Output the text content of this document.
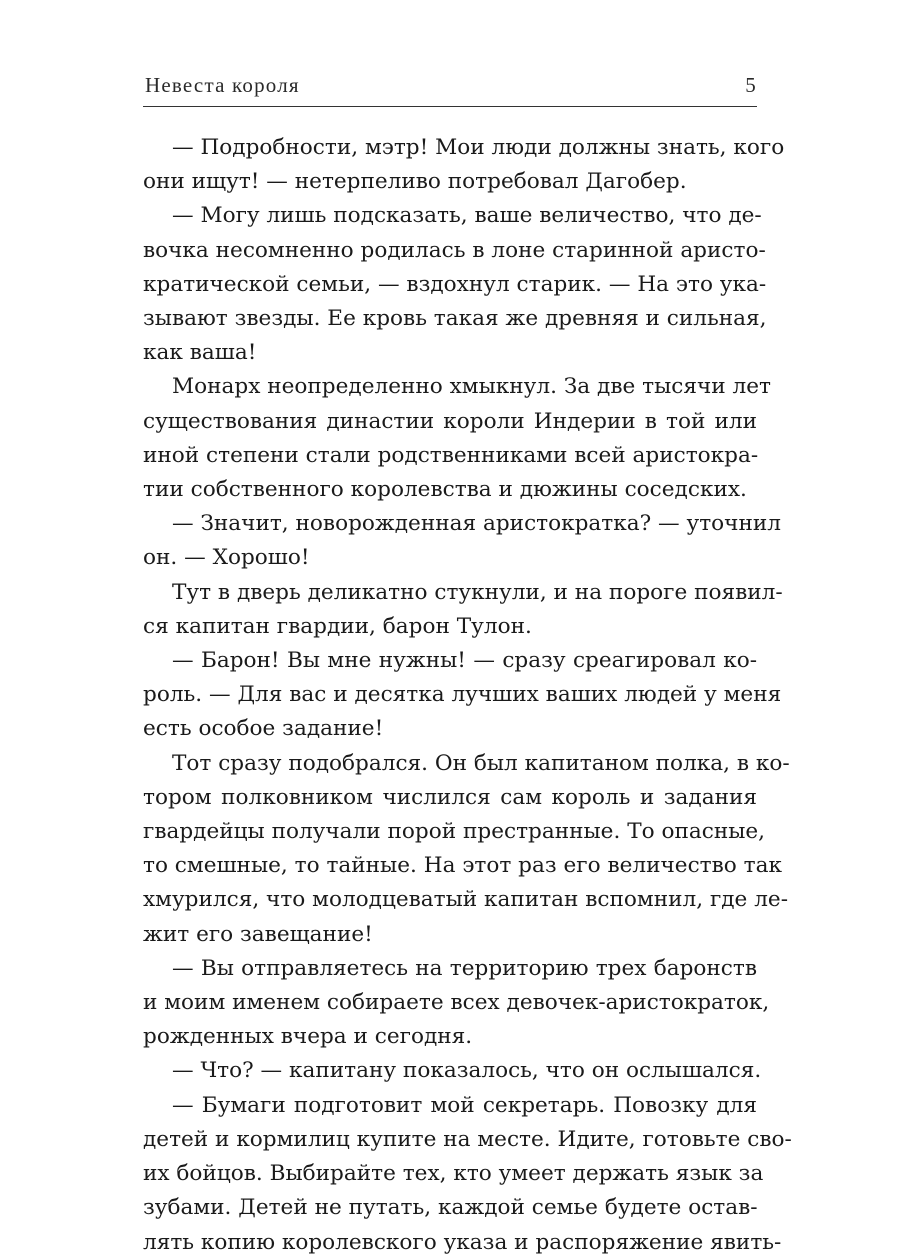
Невеста короля	5

— Подробности, мэтр! Мои люди должны знать, кого
они ищут! — нетерпеливо потребовал Дагобер.

— Могу лишь подсказать, ваше величество, что де-
вочка несомненно родилась в лоне старинной аристо-
кратической семьи, — вздохнул старик. — На это ука-
зывают звезды. Ее кровь такая же древняя и сильная,
как ваша!

Монарх неопределенно хмыкнул. За две тысячи лет
существования династии короли Индерии в той или
иной степени стали родственниками всей аристокра-
тии собственного королевства и дюжины соседских.

— Значит, новорожденная аристократка? — уточнил
он. — Хорошо!

Тут в дверь деликатно стукнули, и на пороге появил-
ся капитан гвардии, барон Тулон.

— Барон! Вы мне нужны! — сразу среагировал ко-
роль. — Для вас и десятка лучших ваших людей у меня
есть особое задание!

Тот сразу подобрался. Он был капитаном полка, в ко-
тором полковником числился сам король и задания
гвардейцы получали порой престранные. То опасные,
то смешные, то тайные. На этот раз его величество так
хмурился, что молодцеватый капитан вспомнил, где ле-
жит его завещание!

— Вы отправляетесь на территорию трех баронств
и моим именем собираете всех девочек-аристократок,
рожденных вчера и сегодня.

— Что? — капитану показалось, что он ослышался.

— Бумаги подготовит мой секретарь. Повозку для
детей и кормилиц купите на месте. Идите, готовьте сво-
их бойцов. Выбирайте тех, кто умеет держать язык за
зубами. Детей не путать, каждой семье будете остав-
лять копию королевского указа и распоряжение явить-
